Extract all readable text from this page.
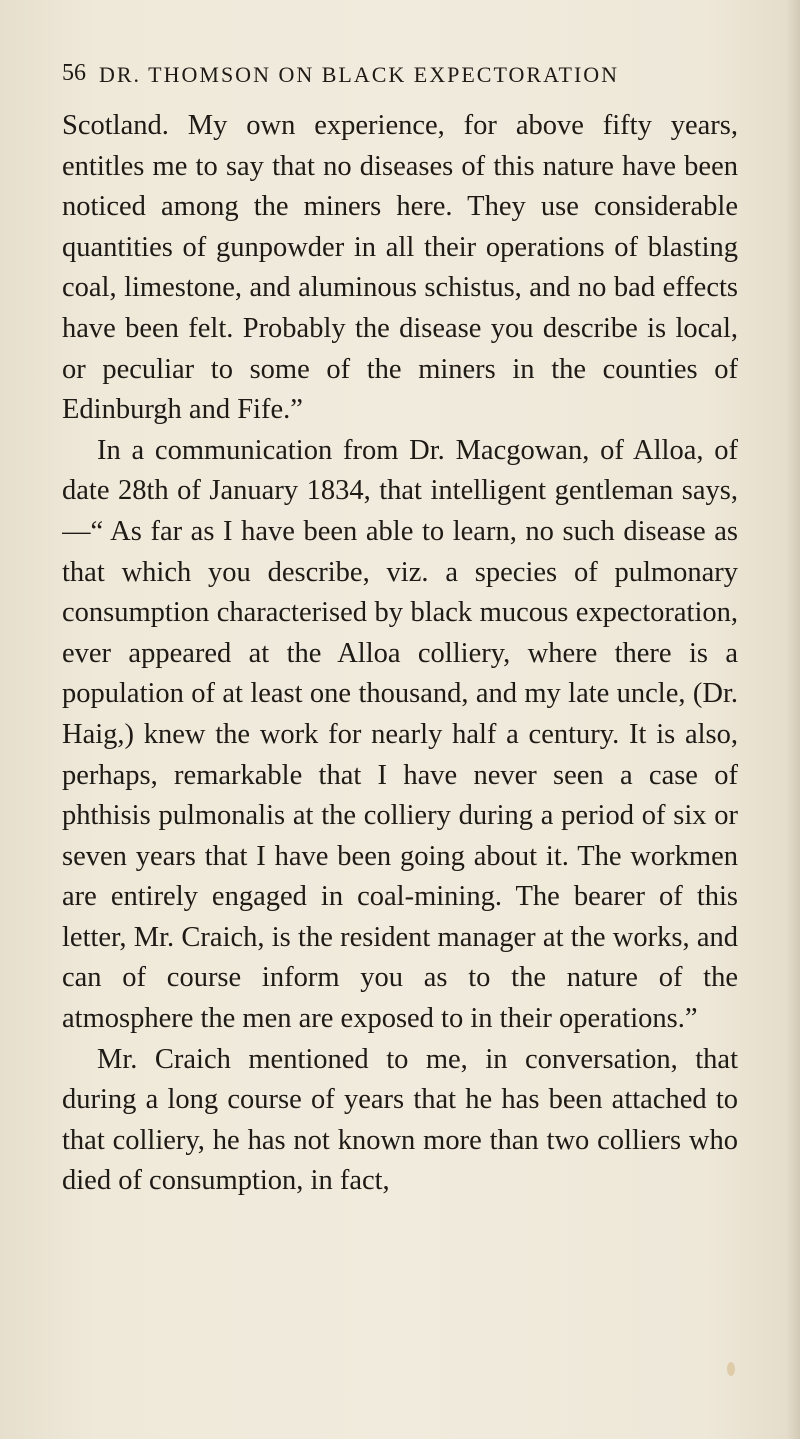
56 DR. THOMSON ON BLACK EXPECTORATION

Scotland. My own experience, for above fifty years, entitles me to say that no diseases of this nature have been noticed among the miners here. They use considerable quantities of gunpowder in all their operations of blasting coal, limestone, and aluminous schistus, and no bad effects have been felt. Probably the disease you describe is local, or peculiar to some of the miners in the counties of Edinburgh and Fife.”

In a communication from Dr. Macgowan, of Alloa, of date 28th of January 1834, that intelligent gentleman says,—“ As far as I have been able to learn, no such disease as that which you describe, viz. a species of pulmonary consumption characterised by black mucous expectoration, ever appeared at the Alloa colliery, where there is a population of at least one thousand, and my late uncle, (Dr. Haig,) knew the work for nearly half a century. It is also, perhaps, remarkable that I have never seen a case of phthisis pulmonalis at the colliery during a period of six or seven years that I have been going about it. The workmen are entirely engaged in coal-mining. The bearer of this letter, Mr. Craich, is the resident manager at the works, and can of course inform you as to the nature of the atmosphere the men are exposed to in their operations.”

Mr. Craich mentioned to me, in conversation, that during a long course of years that he has been attached to that colliery, he has not known more than two colliers who died of consumption, in fact,
